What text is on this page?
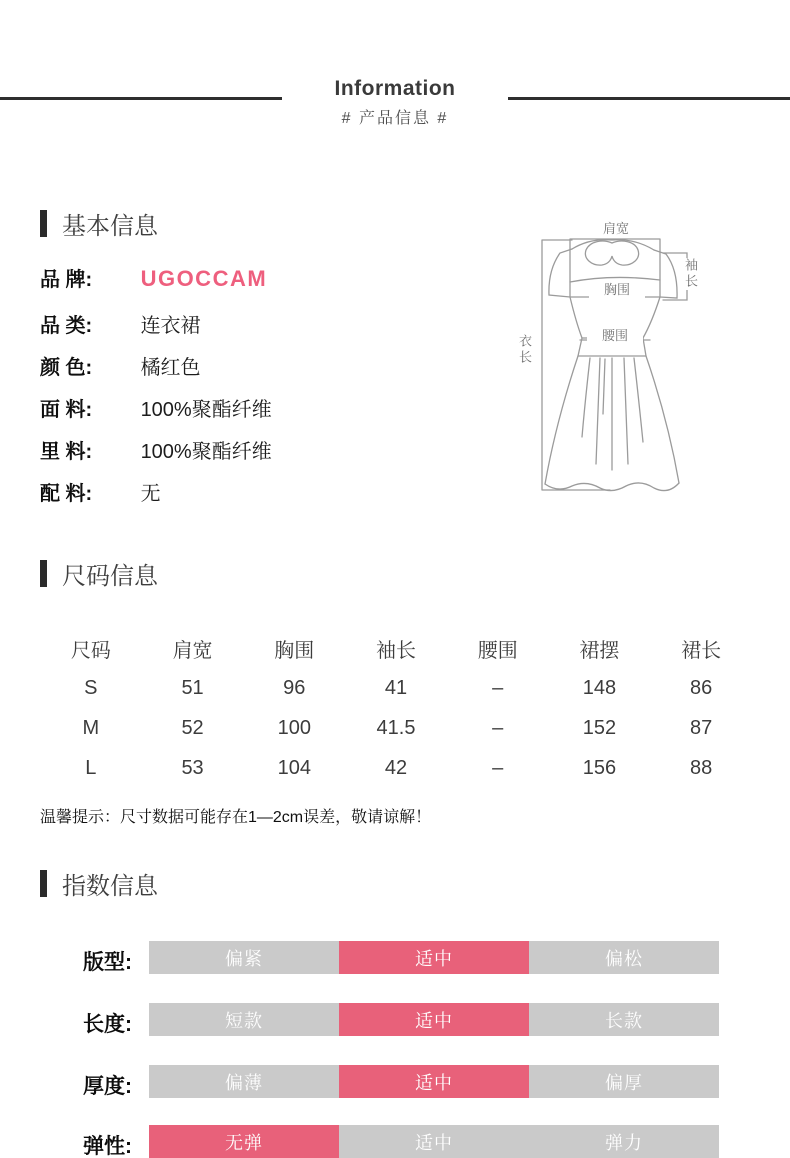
Information
# 产品信息 #
基本信息
品 牌: UGOCCAM
品 类: 连衣裙
颜 色: 橘红色
面 料: 100%聚酯纤维
里 料: 100%聚酯纤维
配 料: 无
肩宽
胸围
腰围
袖长
衣长
尺码信息
尺码	肩宽	胸围	袖长	腰围	裙摆	裙长
S	51	96	41	–	148	86
M	52	100	41.5	–	152	87
L	53	104	42	–	156	88
温馨提示：尺寸数据可能存在1—2cm误差，敬请谅解！
指数信息
版型:	偏紧	适中	偏松
长度:	短款	适中	长款
厚度:	偏薄	适中	偏厚
弹性:	无弹	适中	弹力
